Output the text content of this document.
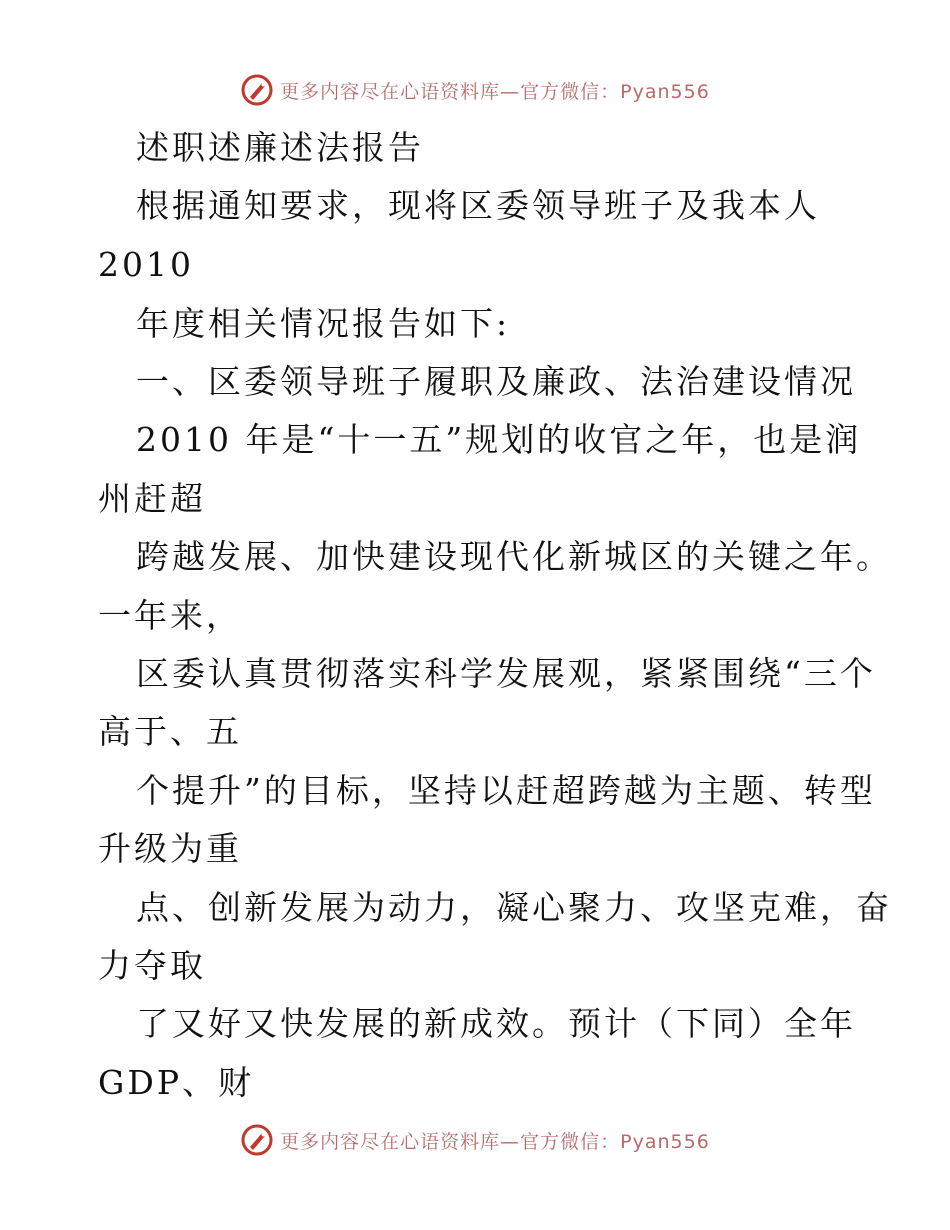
更多内容尽在心语资料库—官方微信：Pyan556
述职述廉述法报告
根据通知要求，现将区委领导班子及我本人
2010
年度相关情况报告如下:
一、区委领导班子履职及廉政、法治建设情况
2010 年是“十一五”规划的收官之年，也是润
州赶超
跨越发展、加快建设现代化新城区的关键之年。
一年来，
区委认真贯彻落实科学发展观，紧紧围绕“三个
高于、五
个提升”的目标，坚持以赶超跨越为主题、转型
升级为重
点、创新发展为动力，凝心聚力、攻坚克难，奋
力夺取
了又好又快发展的新成效。预计（下同）全年
GDP、财
更多内容尽在心语资料库—官方微信：Pyan556
